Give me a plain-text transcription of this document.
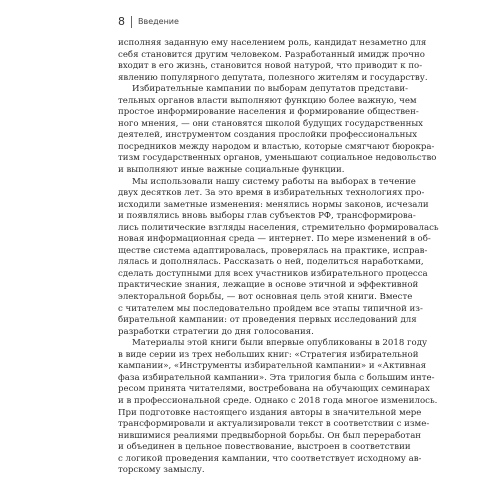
8 Введение
исполняя заданную ему населением роль, кандидат незаметно для
себя становится другим человеком. Разработанный имидж прочно
входит в его жизнь, становится новой натурой, что приводит к по-
явлению популярного депутата, полезного жителям и государству.
Избирательные кампании по выборам депутатов представи-
тельных органов власти выполняют функцию более важную, чем
простое информирование населения и формирование обществен-
ного мнения, — они становятся школой будущих государственных
деятелей, инструментом создания прослойки профессиональных
посредников между народом и властью, которые смягчают бюрокра-
тизм государственных органов, уменьшают социальное недовольство
и выполняют иные важные социальные функции.
Мы использовали нашу систему работы на выборах в течение
двух десятков лет. За это время в избирательных технологиях про-
исходили заметные изменения: менялись нормы законов, исчезали
и появлялись вновь выборы глав субъектов РФ, трансформирова-
лись политические взгляды населения, стремительно формировалась
новая информационная среда — интернет. По мере изменений в об-
ществе система адаптировалась, проверялась на практике, исправ-
лялась и дополнялась. Рассказать о ней, поделиться наработками,
сделать доступными для всех участников избирательного процесса
практические знания, лежащие в основе этичной и эффективной
электоральной борьбы, — вот основная цель этой книги. Вместе
с читателем мы последовательно пройдем все этапы типичной из-
бирательной кампании: от проведения первых исследований для
разработки стратегии до дня голосования.
Материалы этой книги были впервые опубликованы в 2018 году
в виде серии из трех небольших книг: «Стратегия избирательной
кампании», «Инструменты избирательной кампании» и «Активная
фаза избирательной кампании». Эта трилогия была с большим инте-
ресом принята читателями, востребована на обучающих семинарах
и в профессиональной среде. Однако с 2018 года многое изменилось.
При подготовке настоящего издания авторы в значительной мере
трансформировали и актуализировали текст в соответствии с изме-
нившимися реалиями предвыборной борьбы. Он был переработан
и объединен в цельное повествование, выстроен в соответствии
с логикой проведения кампании, что соответствует исходному ав-
торскому замыслу.
